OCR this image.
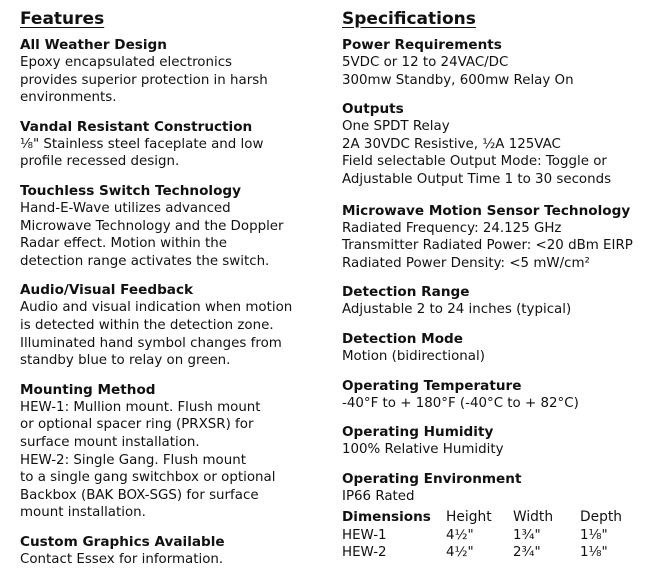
Features
All Weather Design
Epoxy encapsulated electronics
provides superior protection in harsh
environments.
Vandal Resistant Construction
⅛" Stainless steel faceplate and low
profile recessed design.
Touchless Switch Technology
Hand-E-Wave utilizes advanced
Microwave Technology and the Doppler
Radar effect. Motion within the
detection range activates the switch.
Audio/Visual Feedback
Audio and visual indication when motion
is detected within the detection zone.
Illuminated hand symbol changes from
standby blue to relay on green.
Mounting Method
HEW-1: Mullion mount. Flush mount
or optional spacer ring (PRXSR) for
surface mount installation.
HEW-2: Single Gang. Flush mount
to a single gang switchbox or optional
Backbox (BAK BOX-SGS) for surface
mount installation.
Custom Graphics Available
Contact Essex for information.
Specifications
Power Requirements
5VDC or 12 to 24VAC/DC
300mw Standby, 600mw Relay On
Outputs
One SPDT Relay
2A 30VDC Resistive, ½A 125VAC
Field selectable Output Mode: Toggle or
Adjustable Output Time 1 to 30 seconds
Microwave Motion Sensor Technology
Radiated Frequency: 24.125 GHz
Transmitter Radiated Power: <20 dBm EIRP
Radiated Power Density: <5 mW/cm²
Detection Range
Adjustable 2 to 24 inches (typical)
Detection Mode
Motion (bidirectional)
Operating Temperature
-40°F to + 180°F (-40°C to + 82°C)
Operating Humidity
100% Relative Humidity
Operating Environment
IP66 Rated
Dimensions	Height	Width	Depth
HEW-1	4½"	1¾"	1⅛"
HEW-2	4½"	2¾"	1⅛"
